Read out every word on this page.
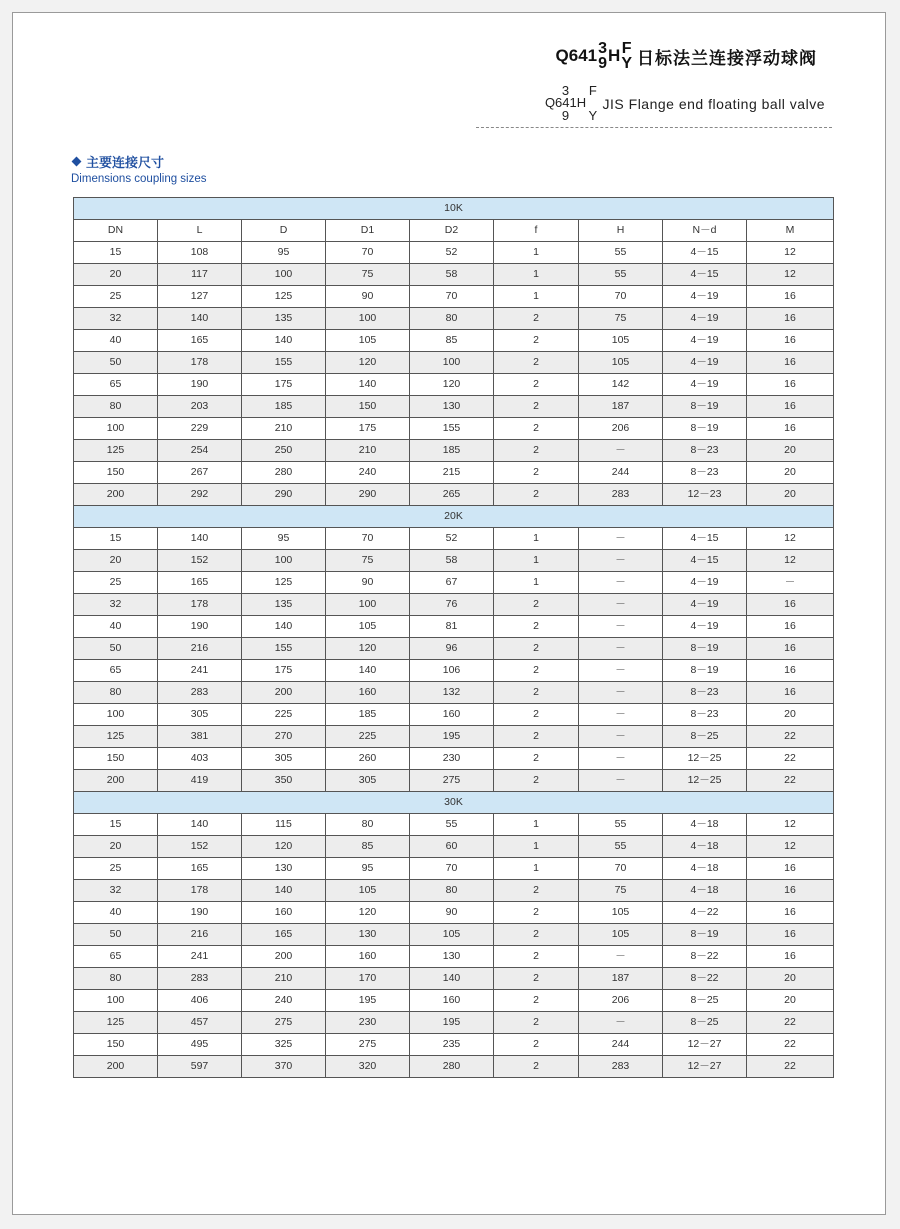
Q641 3
9 H F
Y 日标法兰连接浮动球阀
3
Q641H
9
F
Y
JIS Flange end floating ball valve
主要连接尺寸
Dimensions coupling sizes
10K								
DN	L	D	D1	D2	f	H	N－d	M
15	108	95	70	52	1	55	4－15	12
20	117	100	75	58	1	55	4－15	12
25	127	125	90	70	1	70	4－19	16
32	140	135	100	80	2	75	4－19	16
40	165	140	105	85	2	105	4－19	16
50	178	155	120	100	2	105	4－19	16
65	190	175	140	120	2	142	4－19	16
80	203	185	150	130	2	187	8－19	16
100	229	210	175	155	2	206	8－19	16
125	254	250	210	185	2	－	8－23	20
150	267	280	240	215	2	244	8－23	20
200	292	290	290	265	2	283	12－23	20
20K								
15	140	95	70	52	1	－	4－15	12
20	152	100	75	58	1	－	4－15	12
25	165	125	90	67	1	－	4－19	－
32	178	135	100	76	2	－	4－19	16
40	190	140	105	81	2	－	4－19	16
50	216	155	120	96	2	－	8－19	16
65	241	175	140	106	2	－	8－19	16
80	283	200	160	132	2	－	8－23	16
100	305	225	185	160	2	－	8－23	20
125	381	270	225	195	2	－	8－25	22
150	403	305	260	230	2	－	12－25	22
200	419	350	305	275	2	－	12－25	22
30K								
15	140	115	80	55	1	55	4－18	12
20	152	120	85	60	1	55	4－18	12
25	165	130	95	70	1	70	4－18	16
32	178	140	105	80	2	75	4－18	16
40	190	160	120	90	2	105	4－22	16
50	216	165	130	105	2	105	8－19	16
65	241	200	160	130	2	－	8－22	16
80	283	210	170	140	2	187	8－22	20
100	406	240	195	160	2	206	8－25	20
125	457	275	230	195	2	－	8－25	22
150	495	325	275	235	2	244	12－27	22
200	597	370	320	280	2	283	12－27	22
